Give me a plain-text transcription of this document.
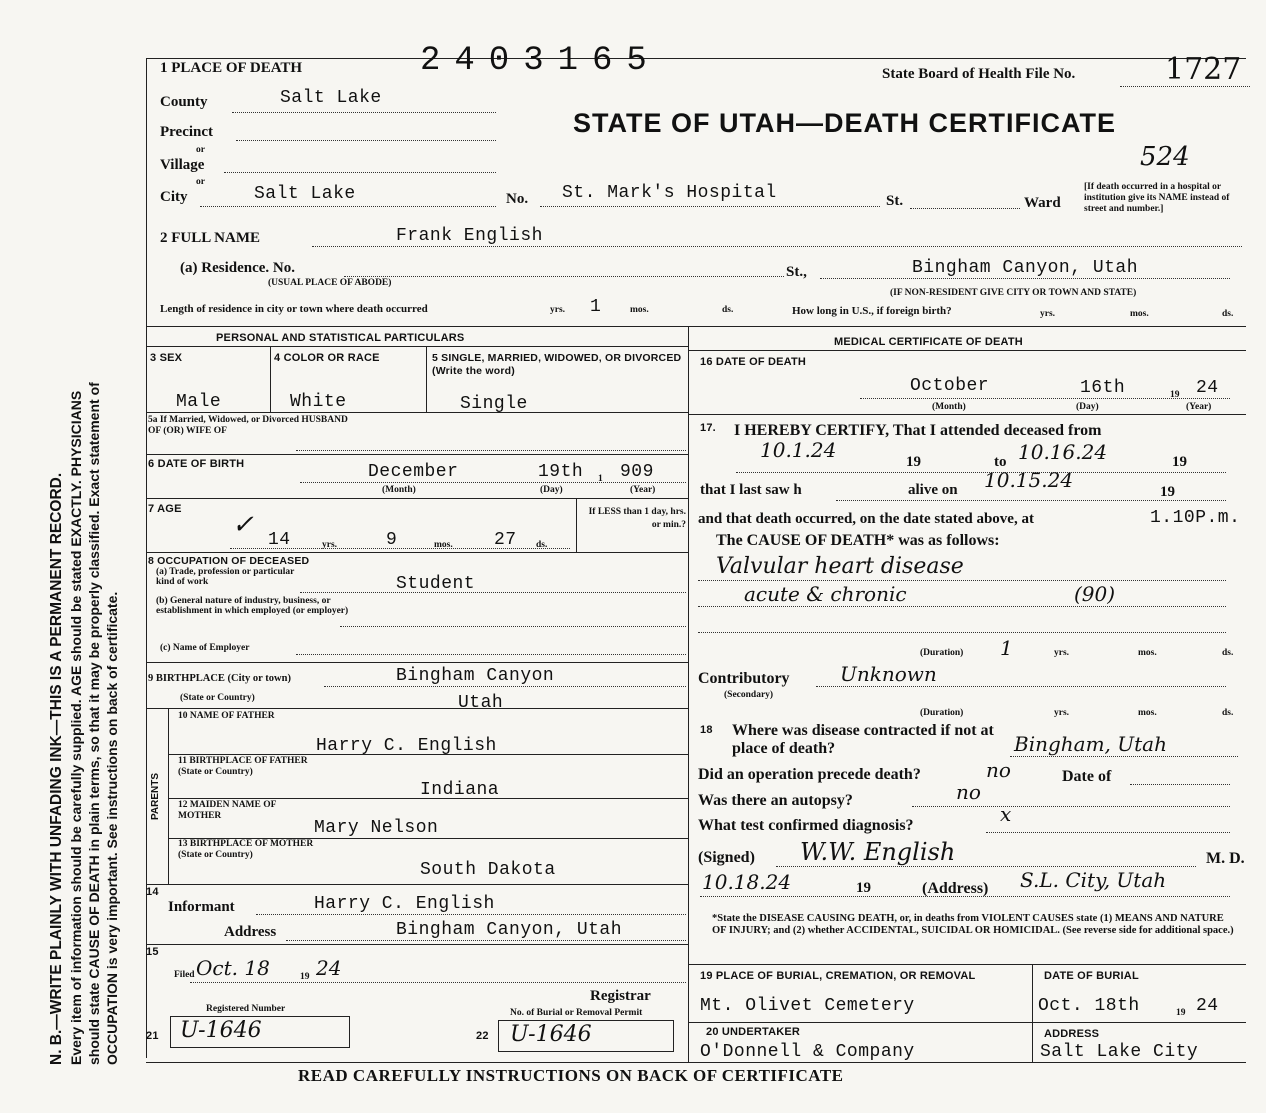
N. B.—WRITE PLAINLY WITH UNFADING INK—THIS IS A PERMANENT RECORD. Every item of information should be carefully supplied. AGE should be stated EXACTLY. PHYSICIANS should state CAUSE OF DEATH in plain terms, so that it may be properly classified. Exact statement of OCCUPATION is very important. See instructions on back of certificate.
1 PLACE OF DEATH	2403165	State Board of Health File No.	1727
STATE OF UTAH—DEATH CERTIFICATE
524
County	Salt Lake
Precinct
or
Village
or
City	Salt Lake	No. St. Mark's Hospital	St.	Ward
[If death occurred in a hospital or institution give its NAME instead of street and number.]
2 FULL NAME	Frank English
(a) Residence. No.
(USUAL PLACE OF ABODE)
St.,	Bingham Canyon, Utah
(IF NON-RESIDENT GIVE CITY OR TOWN AND STATE)
Length of residence in city or town where death occurred	yrs. 1	mos.	ds.	How long in U.S., if foreign birth?	yrs.	mos.	ds.
PERSONAL AND STATISTICAL PARTICULARS
3 SEX
Male
4 COLOR OR RACE
White
5 SINGLE, MARRIED, WIDOWED, OR DIVORCED (Write the word)
Single
5a If Married, Widowed, or Divorced HUSBAND OF (OR) WIFE OF
6 DATE OF BIRTH	December	19th 1 909
(Month)	(Day)	(Year)
7 AGE
✓ 14	yrs.	9	mos. 27 ds.
If LESS than 1 day, hrs. or min.?
8 OCCUPATION OF DECEASED
(a) Trade, profession or particular kind of work	Student
(b) General nature of industry, business, or establishment in which employed (or employer)
(c) Name of Employer
9 BIRTHPLACE (City or town)	Bingham Canyon
(State or Country)	Utah
PARENTS
10 NAME OF FATHER
Harry C. English
11 BIRTHPLACE OF FATHER (State or Country)
Indiana
12 MAIDEN NAME OF MOTHER
Mary Nelson
13 BIRTHPLACE OF MOTHER (State or Country)
South Dakota
14
Informant	Harry C. English
Address	Bingham Canyon, Utah
15
Filed Oct. 18	19 24
Registrar
Registered Number
21 U-1646
No. of Burial or Removal Permit
22 U-1646
MEDICAL CERTIFICATE OF DEATH
16 DATE OF DEATH
October	16th	19 24
(Month)	(Day)	(Year)
17. I HEREBY CERTIFY, That I attended deceased from
10.1.24	19	to 10.16.24	19
that I last saw h	alive on 10.15.24	19
and that death occurred, on the date stated above, at	1.10P.m.
The CAUSE OF DEATH* was as follows:
Valvular heart disease
acute & chronic	(90)
(Duration) 1	yrs.	mos.	ds.
Contributory
(Secondary)
Unknown
(Duration)	yrs.	mos.	ds.
18 Where was disease contracted if not at place of death?	Bingham, Utah
Did an operation precede death?	no	Date of
Was there an autopsy?	no
What test confirmed diagnosis?	x
(Signed) W.W. English	M. D.
10.18.24	19	(Address) S.L. City, Utah
*State the DISEASE CAUSING DEATH, or, in deaths from VIOLENT CAUSES state (1) MEANS AND NATURE OF INJURY; and (2) whether ACCIDENTAL, SUICIDAL OR HOMICIDAL. (See reverse side for additional space.)
19 PLACE OF BURIAL, CREMATION, OR REMOVAL
Mt. Olivet Cemetery
DATE OF BURIAL
Oct. 18th	19 24
20 UNDERTAKER
O'Donnell & Company
ADDRESS
Salt Lake City
READ CAREFULLY INSTRUCTIONS ON BACK OF CERTIFICATE
